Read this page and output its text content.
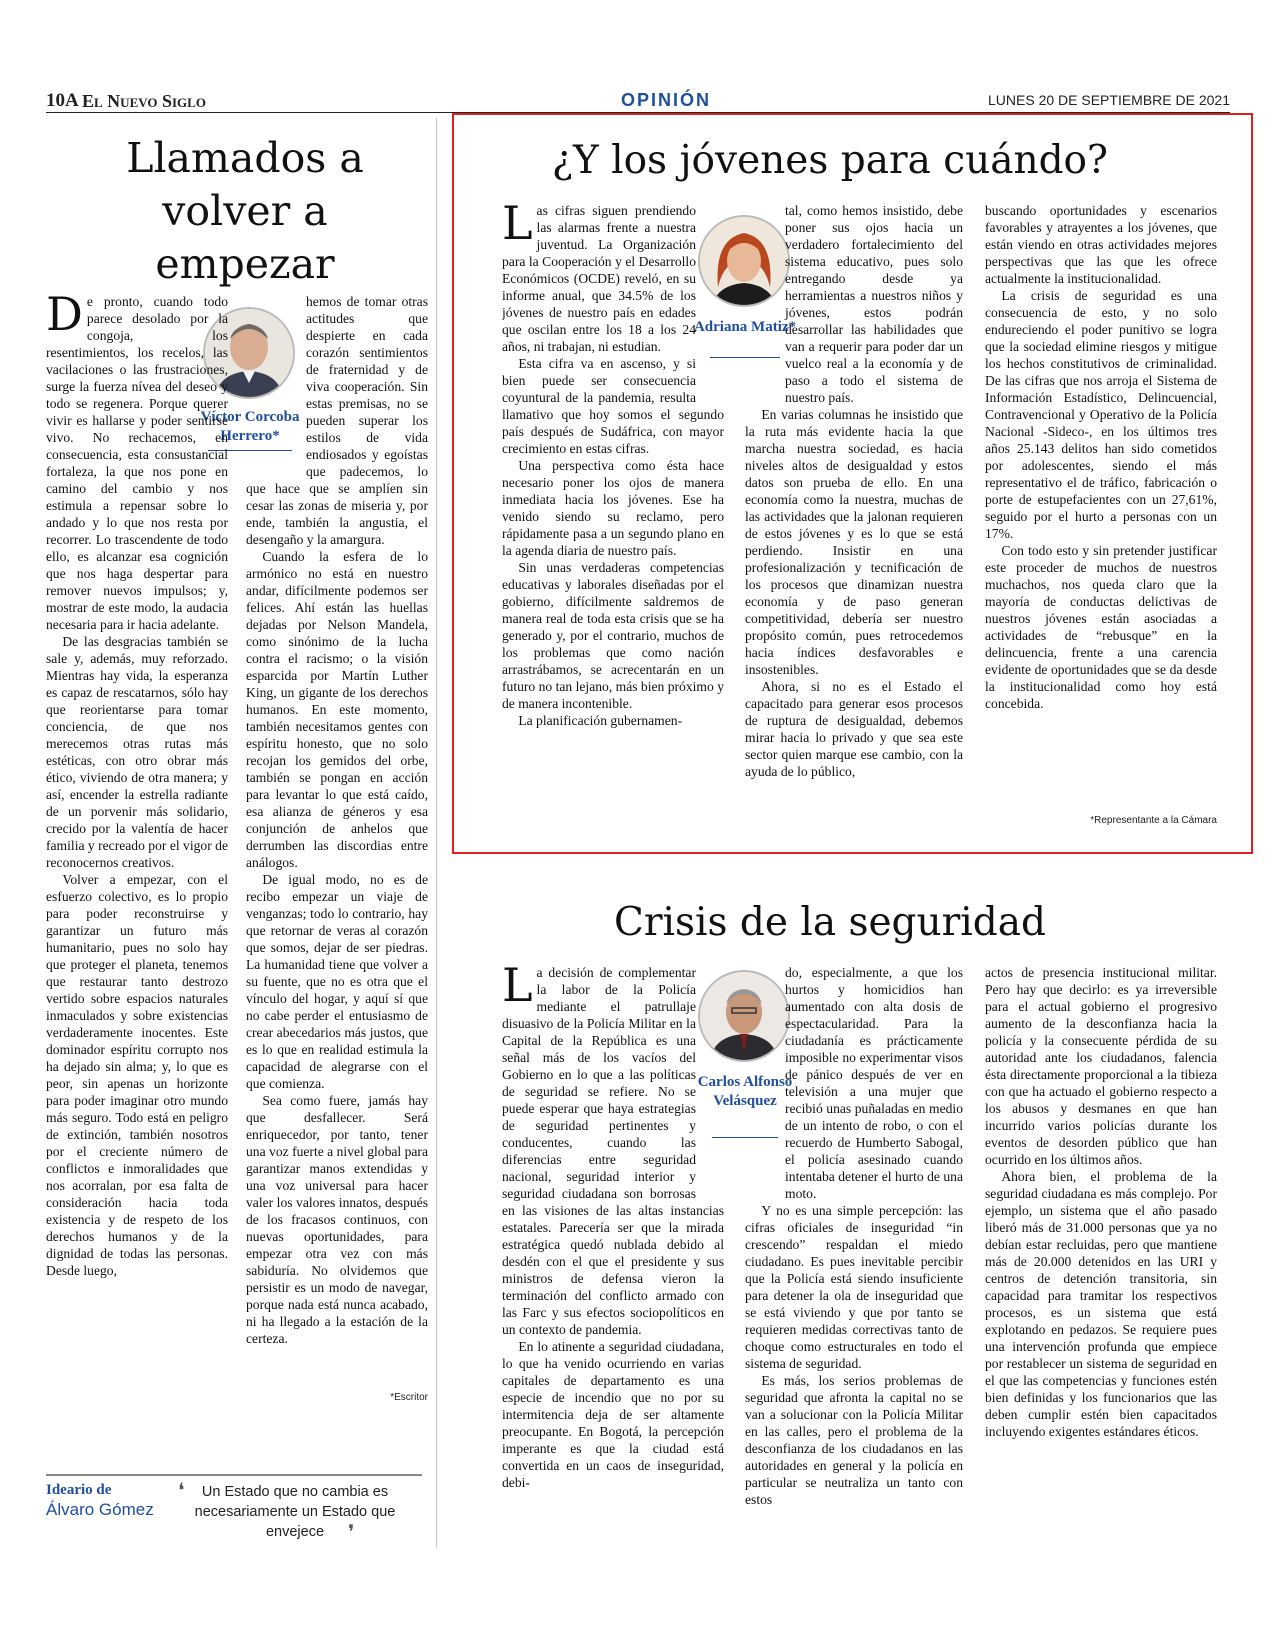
10A El Nuevo Siglo	OPINIÓN	LUNES 20 DE SEPTIEMBRE DE 2021
Llamados a volver a empezar
Víctor Corcoba Herrero*

D e pronto, cuando todo parece desolado por la congoja, los resentimientos, los recelos, las vacilaciones o las frustraciones, surge la fuerza nívea del deseo y todo se regenera. Porque querer vivir es hallarse y poder sentirse vivo. No rechacemos, en consecuencia, esta consustancial fortaleza, la que nos pone en camino del cambio y nos estimula a repensar sobre lo andado y lo que nos resta por recorrer. Lo trascendente de todo ello, es alcanzar esa cognición que nos haga despertar para remover nuevos impulsos; y, mostrar de este modo, la audacia necesaria para ir hacia adelante.

De las desgracias también se sale y, además, muy reforzado. Mientras hay vida, la esperanza es capaz de rescatarnos, sólo hay que reorientarse para tomar conciencia, de que nos merecemos otras rutas más estéticas, con otro obrar más ético, viviendo de otra manera; y así, encender la estrella radiante de un porvenir más solidario, crecido por la valentía de hacer familia y recreado por el vigor de reconocernos creativos.

Volver a empezar, con el esfuerzo colectivo, es lo propio para poder reconstruirse y garantizar un futuro más humanitario, pues no solo hay que proteger el planeta, tenemos que restaurar tanto destrozo vertido sobre espacios naturales inmaculados y sobre existencias verdaderamente inocentes. Este dominador espíritu corrupto nos ha dejado sin alma; y, lo que es peor, sin apenas un horizonte para poder imaginar otro mundo más seguro. Todo está en peligro de extinción, también nosotros por el creciente número de conflictos e inmoralidades que nos acorralan, por esa falta de consideración hacia toda existencia y de respeto de los derechos humanos y de la dignidad de todas las personas. Desde luego,

hemos de tomar otras actitudes que despierte en cada corazón sentimientos de fraternidad y de viva cooperación. Sin estas premisas, no se pueden superar los estilos de vida endiosados y egoístas que padecemos, lo que hace que se amplíen sin cesar las zonas de miseria y, por ende, también la angustia, el desengaño y la amargura.

Cuando la esfera de lo armónico no está en nuestro andar, difícilmente podemos ser felices. Ahí están las huellas dejadas por Nelson Mandela, como sinónimo de la lucha contra el racismo; o la visión esparcida por Martín Luther King, un gigante de los derechos humanos. En este momento, también necesitamos gentes con espíritu honesto, que no solo recojan los gemidos del orbe, también se pongan en acción para levantar lo que está caído, esa alianza de géneros y esa conjunción de anhelos que derrumben las discordias entre análogos.

De igual modo, no es de recibo empezar un viaje de venganzas; todo lo contrario, hay que retornar de veras al corazón que somos, dejar de ser piedras. La humanidad tiene que volver a su fuente, que no es otra que el vínculo del hogar, y aquí sí que no cabe perder el entusiasmo de crear abecedarios más justos, que es lo que en realidad estimula la capacidad de alegrarse con el que comienza.

Sea como fuere, jamás hay que desfallecer. Será enriquecedor, por tanto, tener una voz fuerte a nivel global para garantizar manos extendidas y una voz universal para hacer valer los valores innatos, después de los fracasos continuos, con nuevas oportunidades, para empezar otra vez con más sabiduría. No olvidemos que persistir es un modo de navegar, porque nada está nunca acabado, ni ha llegado a la estación de la certeza.

*Escritor
Ideario de
Álvaro Gómez
❛	Un Estado que no cambia es necesariamente un Estado que envejece	❜
¿Y los jóvenes para cuándo?
Adriana Matiz*

Las cifras siguen prendiendo las alarmas frente a nuestra juventud. La Organización para la Cooperación y el Desarrollo Económicos (OCDE) reveló, en su informe anual, que 34.5% de los jóvenes de nuestro país en edades que oscilan entre los 18 a los 24 años, ni trabajan, ni estudian.

Esta cifra va en ascenso, y si bien puede ser consecuencia coyuntural de la pandemia, resulta llamativo que hoy somos el segundo país después de Sudáfrica, con mayor crecimiento en estas cifras.

Una perspectiva como ésta hace necesario poner los ojos de manera inmediata hacia los jóvenes. Ese ha venido siendo su reclamo, pero rápidamente pasa a un segundo plano en la agenda diaria de nuestro país.

Sin unas verdaderas competencias educativas y laborales diseñadas por el gobierno, difícilmente saldremos de manera real de toda esta crisis que se ha generado y, por el contrario, muchos de los problemas que como nación arrastrábamos, se acrecentarán en un futuro no tan lejano, más bien próximo y de manera incontenible.

La planificación gubernamen-

tal, como hemos insistido, debe poner sus ojos hacia un verdadero fortalecimiento del sistema educativo, pues solo entregando desde ya herramientas a nuestros niños y jóvenes, estos podrán desarrollar las habilidades que van a requerir para poder dar un vuelco real a la economía y de paso a todo el sistema de nuestro país.

En varias columnas he insistido que la ruta más evidente hacia la que marcha nuestra sociedad, es hacia niveles altos de desigualdad y estos datos son prueba de ello. En una economía como la nuestra, muchas de las actividades que la jalonan requieren de estos jóvenes y es lo que se está perdiendo. Insistir en una profesionalización y tecnificación de los procesos que dinamizan nuestra economía y de paso generan competitividad, debería ser nuestro propósito común, pues retrocedemos hacia índices desfavorables e insostenibles.

Ahora, si no es el Estado el capacitado para generar esos procesos de ruptura de desigualdad, debemos mirar hacia lo privado y que sea este sector quien marque ese cambio, con la ayuda de lo público,

buscando oportunidades y escenarios favorables y atrayentes a los jóvenes, que están viendo en otras actividades mejores perspectivas que las que les ofrece actualmente la institucionalidad.

La crisis de seguridad es una consecuencia de esto, y no solo endureciendo el poder punitivo se logra que la sociedad elimine riesgos y mitigue los hechos constitutivos de criminalidad. De las cifras que nos arroja el Sistema de Información Estadístico, Delincuencial, Contravencional y Operativo de la Policía Nacional -Sideco-, en los últimos tres años 25.143 delitos han sido cometidos por adolescentes, siendo el más representativo el de tráfico, fabricación o porte de estupefacientes con un 27,61%, seguido por el hurto a personas con un 17%.

Con todo esto y sin pretender justificar este proceder de muchos de nuestros muchachos, nos queda claro que la mayoría de conductas delictivas de nuestros jóvenes están asociadas a actividades de “rebusque” en la delincuencia, frente a una carencia evidente de oportunidades que se da desde la institucionalidad como hoy está concebida.

*Representante a la Cámara
Crisis de la seguridad
Carlos Alfonso Velásquez

La decisión de complementar la labor de la Policía mediante el patrullaje disuasivo de la Policía Militar en la Capital de la República es una señal más de los vacíos del Gobierno en lo que a las políticas de seguridad se refiere. No se puede esperar que haya estrategias de seguridad pertinentes y conducentes, cuando las diferencias entre seguridad nacional, seguridad interior y seguridad ciudadana son borrosas en las visiones de las altas instancias estatales. Parecería ser que la mirada estratégica quedó nublada debido al desdén con el que el presidente y sus ministros de defensa vieron la terminación del conflicto armado con las Farc y sus efectos sociopolíticos en un contexto de pandemia.

En lo atinente a seguridad ciudadana, lo que ha venido ocurriendo en varias capitales de departamento es una especie de incendio que no por su intermitencia deja de ser altamente preocupante. En Bogotá, la percepción imperante es que la ciudad está convertida en un caos de inseguridad, debi-

do, especialmente, a que los hurtos y homicidios han aumentado con alta dosis de espectacularidad. Para la ciudadanía es prácticamente imposible no experimentar visos de pánico después de ver en televisión a una mujer que recibió unas puñaladas en medio de un intento de robo, o con el recuerdo de Humberto Sabogal, el policía asesinado cuando intentaba detener el hurto de una moto.

Y no es una simple percepción: las cifras oficiales de inseguridad “in crescendo” respaldan el miedo ciudadano. Es pues inevitable percibir que la Policía está siendo insuficiente para detener la ola de inseguridad que se está viviendo y que por tanto se requieren medidas correctivas tanto de choque como estructurales en todo el sistema de seguridad.

Es más, los serios problemas de seguridad que afronta la capital no se van a solucionar con la Policía Militar en las calles, pero el problema de la desconfianza de los ciudadanos en las autoridades en general y la policía en particular se neutraliza un tanto con estos

actos de presencia institucional militar. Pero hay que decirlo: es ya irreversible para el actual gobierno el progresivo aumento de la desconfianza hacia la policía y la consecuente pérdida de su autoridad ante los ciudadanos, falencia ésta directamente proporcional a la tibieza con que ha actuado el gobierno respecto a los abusos y desmanes en que han incurrido varios policías durante los eventos de desorden público que han ocurrido en los últimos años.

Ahora bien, el problema de la seguridad ciudadana es más complejo. Por ejemplo, un sistema que el año pasado liberó más de 31.000 personas que ya no debían estar recluidas, pero que mantiene más de 20.000 detenidos en las URI y centros de detención transitoria, sin capacidad para tramitar los respectivos procesos, es un sistema que está explotando en pedazos. Se requiere pues una intervención profunda que empiece por restablecer un sistema de seguridad en el que las competencias y funciones estén bien definidas y los funcionarios que las deben cumplir estén bien capacitados incluyendo exigentes estándares éticos.
